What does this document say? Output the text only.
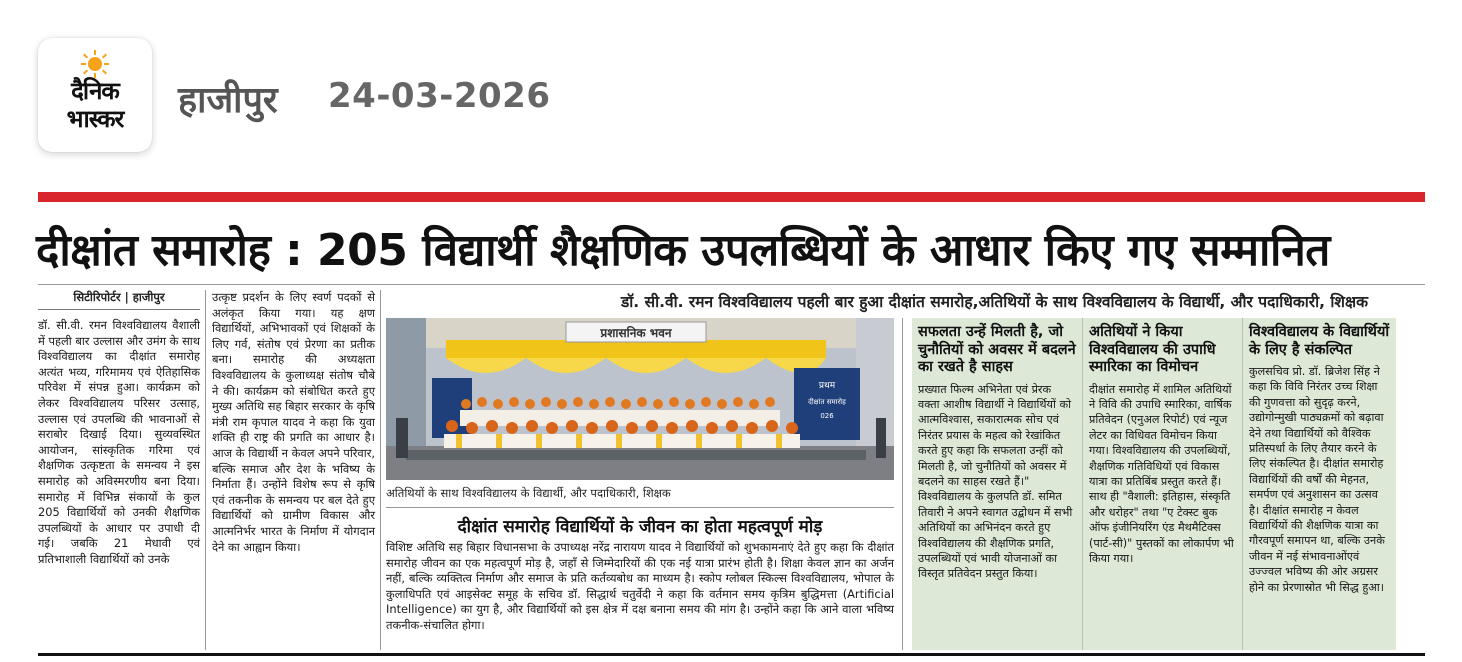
दैनिक
भास्कर	हाजीपुर 24-03-2026
दीक्षांत समारोह : 205 विद्यार्थी शैक्षणिक उपलब्धियों के आधार किए गए सम्मानित
सिटीरिपोर्टर | हाजीपुर
डॉ. सी.वी. रमन विश्वविद्यालय वैशाली में पहली बार उल्लास और उमंग के साथ विश्वविद्यालय का दीक्षांत समारोह अत्यंत भव्य, गरिमामय एवं ऐतिहासिक परिवेश में संपन्न हुआ। कार्यक्रम को लेकर विश्वविद्यालय परिसर उत्साह, उल्लास एवं उपलब्धि की भावनाओं से सराबोर दिखाई दिया। सुव्यवस्थित आयोजन, सांस्कृतिक गरिमा एवं शैक्षणिक उत्कृष्टता के समन्वय ने इस समारोह को अविस्मरणीय बना दिया। समारोह में विभिन्न संकायों के कुल 205 विद्यार्थियों को उनकी शैक्षणिक उपलब्धियों के आधार पर उपाधी दी गई। जबकि 21 मेधावी एवं प्रतिभाशाली विद्यार्थियों को उनके
उत्कृष्ट प्रदर्शन के लिए स्वर्ण पदकों से अलंकृत किया गया। यह क्षण विद्यार्थियों, अभिभावकों एवं शिक्षकों के लिए गर्व, संतोष एवं प्रेरणा का प्रतीक बना। समारोह की अध्यक्षता विश्वविद्यालय के कुलाध्यक्ष संतोष चौबे ने की। कार्यक्रम को संबोधित करते हुए मुख्य अतिथि सह बिहार सरकार के कृषि मंत्री राम कृपाल यादव ने कहा कि युवा शक्ति ही राष्ट्र की प्रगति का आधार है। आज के विद्यार्थी न केवल अपने परिवार, बल्कि समाज और देश के भविष्य के निर्माता हैं। उन्होंने विशेष रूप से कृषि एवं तकनीक के समन्वय पर बल देते हुए विद्यार्थियों को ग्रामीण विकास और आत्मनिर्भर भारत के निर्माण में योगदान देने का आह्वान किया।
डॉ. सी.वी. रमन विश्वविद्यालय पहली बार हुआ दीक्षांत समारोह,अतिथियों के साथ विश्वविद्यालय के विद्यार्थी, और पदाधिकारी, शिक्षक
प्रशासनिक भवन
प्रथम
दीक्षांत समारोह
026
अतिथियों के साथ विश्वविद्यालय के विद्यार्थी, और पदाधिकारी, शिक्षक
दीक्षांत समारोह विद्यार्थियों के जीवन का होता महत्वपूर्ण मोड़
विशिष्ट अतिथि सह बिहार विधानसभा के उपाध्यक्ष नरेंद्र नारायण यादव ने विद्यार्थियों को शुभकामनाएं देते हुए कहा कि दीक्षांत समारोह जीवन का एक महत्वपूर्ण मोड़ है, जहाँ से जिम्मेदारियों की एक नई यात्रा प्रारंभ होती है। शिक्षा केवल ज्ञान का अर्जन नहीं, बल्कि व्यक्तित्व निर्माण और समाज के प्रति कर्तव्यबोध का माध्यम है। स्कोप ग्लोबल स्किल्स विश्वविद्यालय, भोपाल के कुलाधिपति एवं आइसेक्ट समूह के सचिव डॉ. सिद्धार्थ चतुर्वेदी ने कहा कि वर्तमान समय कृत्रिम बुद्धिमत्ता (Artificial Intelligence) का युग है, और विद्यार्थियों को इस क्षेत्र में दक्ष बनाना समय की मांग है। उन्होंने कहा कि आने वाला भविष्य तकनीक-संचालित होगा।
सफलता उन्हें मिलती है, जो चुनौतियों को अवसर में बदलने का रखते है साहस

प्रख्यात फिल्म अभिनेता एवं प्रेरक वक्ता आशीष विद्यार्थी ने विद्यार्थियों को आत्मविश्वास, सकारात्मक सोच एवं निरंतर प्रयास के महत्व को रेखांकित करते हुए कहा कि सफलता उन्हीं को मिलती है, जो चुनौतियों को अवसर में बदलने का साहस रखते हैं।" विश्वविद्यालय के कुलपति डॉ. समित तिवारी ने अपने स्वागत उद्बोधन में सभी अतिथियों का अभिनंदन करते हुए विश्वविद्यालय की शैक्षणिक प्रगति, उपलब्धियों एवं भावी योजनाओं का विस्तृत प्रतिवेदन प्रस्तुत किया।

अतिथियों ने किया विश्वविद्यालय की उपाधि स्मारिका का विमोचन

दीक्षांत समारोह में शामिल अतिथियों ने विवि की उपाधि स्मारिका, वार्षिक प्रतिवेदन (एनुअल रिपोर्ट) एवं न्यूज लेटर का विधिवत विमोचन किया गया। विश्वविद्यालय की उपलब्धियों, शैक्षणिक गतिविधियों एवं विकास यात्रा का प्रतिबिंब प्रस्तुत करते हैं। साथ ही "वैशाली: इतिहास, संस्कृति और धरोहर" तथा "ए टेक्स्ट बुक ऑफ इंजीनियरिंग एंड मैथमैटिक्स (पार्ट-सी)" पुस्तकों का लोकार्पण भी किया गया।

विश्वविद्यालय के विद्यार्थियों के लिए है संकल्पित

कुलसचिव प्रो. डॉ. ब्रिजेश सिंह ने कहा कि विवि निरंतर उच्च शिक्षा की गुणवत्ता को सुदृढ़ करने, उद्योगोन्मुखी पाठ्यक्रमों को बढ़ावा देने तथा विद्यार्थियों को वैश्विक प्रतिस्पर्धा के लिए तैयार करने के लिए संकल्पित है। दीक्षांत समारोह विद्यार्थियों की वर्षों की मेहनत, समर्पण एवं अनुशासन का उत्सव है। दीक्षांत समारोह न केवल विद्यार्थियों की शैक्षणिक यात्रा का गौरवपूर्ण समापन था, बल्कि उनके जीवन में नई संभावनाओंएवं उज्ज्वल भविष्य की ओर अग्रसर होने का प्रेरणास्रोत भी सिद्ध हुआ।
